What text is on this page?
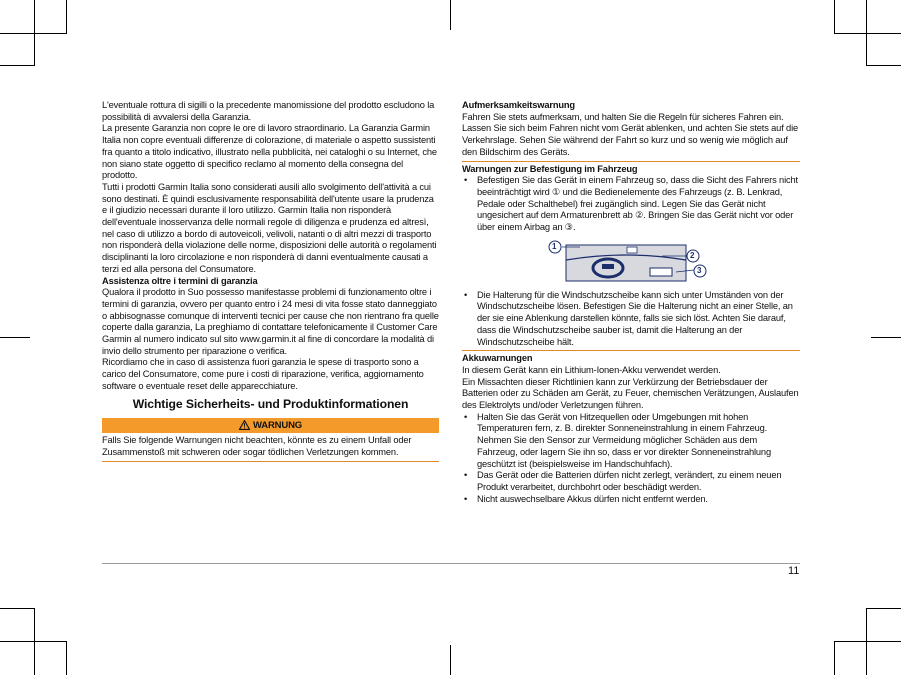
L'eventuale rottura di sigilli o la precedente manomissione del prodotto escludono la possibilità di avvalersi della Garanzia.

La presente Garanzia non copre le ore di lavoro straordinario. La Garanzia Garmin Italia non copre eventuali differenze di colorazione, di materiale o aspetto sussistenti fra quanto a titolo indicativo, illustrato nella pubblicità, nei cataloghi o su Internet, che non siano state oggetto di specifico reclamo al momento della consegna del prodotto.

Tutti i prodotti Garmin Italia sono considerati ausili allo svolgimento dell'attività a cui sono destinati. È quindi esclusivamente responsabilità dell'utente usare la prudenza e il giudizio necessari durante il loro utilizzo. Garmin Italia non risponderà dell'eventuale inosservanza delle normali regole di diligenza e prudenza ed altresì, nel caso di utilizzo a bordo di autoveicoli, velivoli, natanti o di altri mezzi di trasporto non risponderà della violazione delle norme, disposizioni delle autorità o regolamenti disciplinanti la loro circolazione e non risponderà di danni eventualmente causati a terzi ed alla persona del Consumatore.

Assistenza oltre i termini di garanzia

Qualora il prodotto in Suo possesso manifestasse problemi di funzionamento oltre i termini di garanzia, ovvero per quanto entro i 24 mesi di vita fosse stato danneggiato o abbisognasse comunque di interventi tecnici per cause che non rientrano fra quelle coperte dalla garanzia, La preghiamo di contattare telefonicamente il Customer Care Garmin al numero indicato sul sito www.garmin.it al fine di concordare la modalità di invio dello strumento per riparazione o verifica.

Ricordiamo che in caso di assistenza fuori garanzia le spese di trasporto sono a carico del Consumatore, come pure i costi di riparazione, verifica, aggiornamento software o eventuale reset delle apparecchiature.

Wichtige Sicherheits- und Produktinformationen
WARNUNG

Falls Sie folgende Warnungen nicht beachten, könnte es zu einem Unfall oder Zusammenstoß mit schweren oder sogar tödlichen Verletzungen kommen.

Aufmerksamkeitswarnung

Fahren Sie stets aufmerksam, und halten Sie die Regeln für sicheres Fahren ein. Lassen Sie sich beim Fahren nicht vom Gerät ablenken, und achten Sie stets auf die Verkehrslage. Sehen Sie während der Fahrt so kurz und so wenig wie möglich auf den Bildschirm des Geräts.

Warnungen zur Befestigung im Fahrzeug

• Befestigen Sie das Gerät in einem Fahrzeug so, dass die Sicht des Fahrers nicht beeinträchtigt wird ① und die Bedienelemente des Fahrzeugs (z. B. Lenkrad, Pedale oder Schalthebel) frei zugänglich sind. Legen Sie das Gerät nicht ungesichert auf dem Armaturenbrett ab ②. Bringen Sie das Gerät nicht vor oder über einem Airbag an ③.
1
2
3
• Die Halterung für die Windschutzscheibe kann sich unter Umständen von der Windschutzscheibe lösen. Befestigen Sie die Halterung nicht an einer Stelle, an der sie eine Ablenkung darstellen könnte, falls sie sich löst. Achten Sie darauf, dass die Windschutzscheibe sauber ist, damit die Halterung an der Windschutzscheibe hält.

Akkuwarnungen

In diesem Gerät kann ein Lithium-Ionen-Akku verwendet werden.

Ein Missachten dieser Richtlinien kann zur Verkürzung der Betriebsdauer der Batterien oder zu Schäden am Gerät, zu Feuer, chemischen Verätzungen, Auslaufen des Elektrolyts und/oder Verletzungen führen.

• Halten Sie das Gerät von Hitzequellen oder Umgebungen mit hohen Temperaturen fern, z. B. direkter Sonneneinstrahlung in einem Fahrzeug. Nehmen Sie den Sensor zur Vermeidung möglicher Schäden aus dem Fahrzeug, oder lagern Sie ihn so, dass er vor direkter Sonneneinstrahlung geschützt ist (beispielsweise im Handschuhfach).
• Das Gerät oder die Batterien dürfen nicht zerlegt, verändert, zu einem neuen Produkt verarbeitet, durchbohrt oder beschädigt werden.
• Nicht auswechselbare Akkus dürfen nicht entfernt werden.
11
